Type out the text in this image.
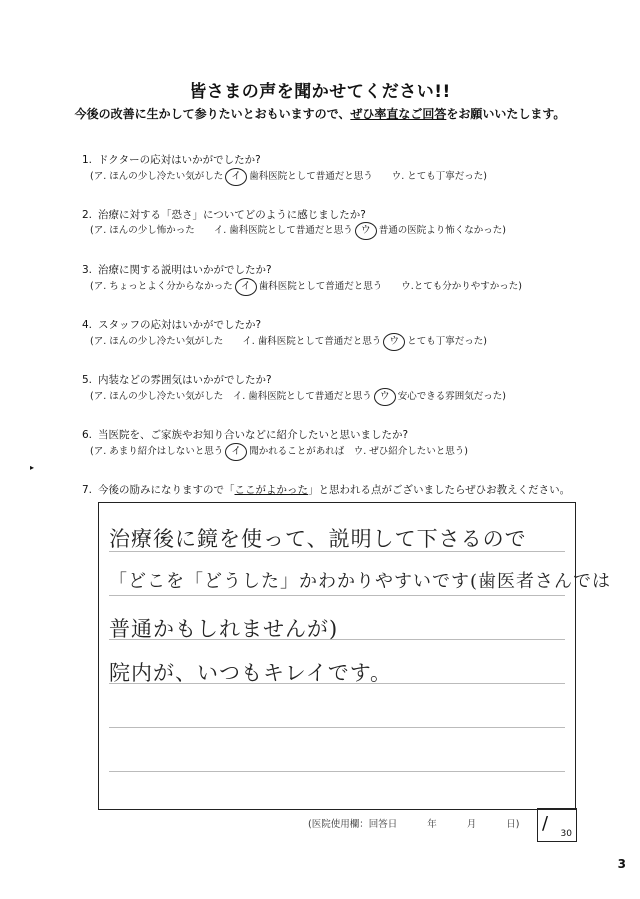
皆さまの声を聞かせてください!!
今後の改善に生かして参りたいとおもいますので、ぜひ率直なご回答をお願いいたします。
1. ドクターの応対はいかがでしたか?
(ア. ほんの少し冷たい気がした イ 歯科医院として普通だと思う　　ウ. とても丁寧だった)
2. 治療に対する「恐さ」についてどのように感じましたか?
(ア. ほんの少し怖かった　　イ. 歯科医院として普通だと思う ウ 普通の医院より怖くなかった)
3. 治療に関する説明はいかがでしたか?
(ア. ちょっとよく分からなかった イ 歯科医院として普通だと思う　　ウ.とても分かりやすかった)
4. スタッフの応対はいかがでしたか?
(ア. ほんの少し冷たい気がした　　イ. 歯科医院として普通だと思う ウ とても丁寧だった)
5. 内装などの雰囲気はいかがでしたか?
(ア. ほんの少し冷たい気がした　イ. 歯科医院として普通だと思う ウ 安心できる雰囲気だった)
6. 当医院を、ご家族やお知り合いなどに紹介したいと思いましたか?
(ア. あまり紹介はしないと思う イ 聞かれることがあれば　ウ. ぜひ紹介したいと思う)
▸
7. 今後の励みになりますので「ここがよかった」と思われる点がございましたらぜひお教えください。
治療後に鏡を使って、説明して下さるので
「どこを「どうした」かわかりやすいです(歯医者さんでは
普通かもしれませんが)
院内が、いつもキレイです。
(医院使用欄：回答日	年	月	日)	/ 30
3
